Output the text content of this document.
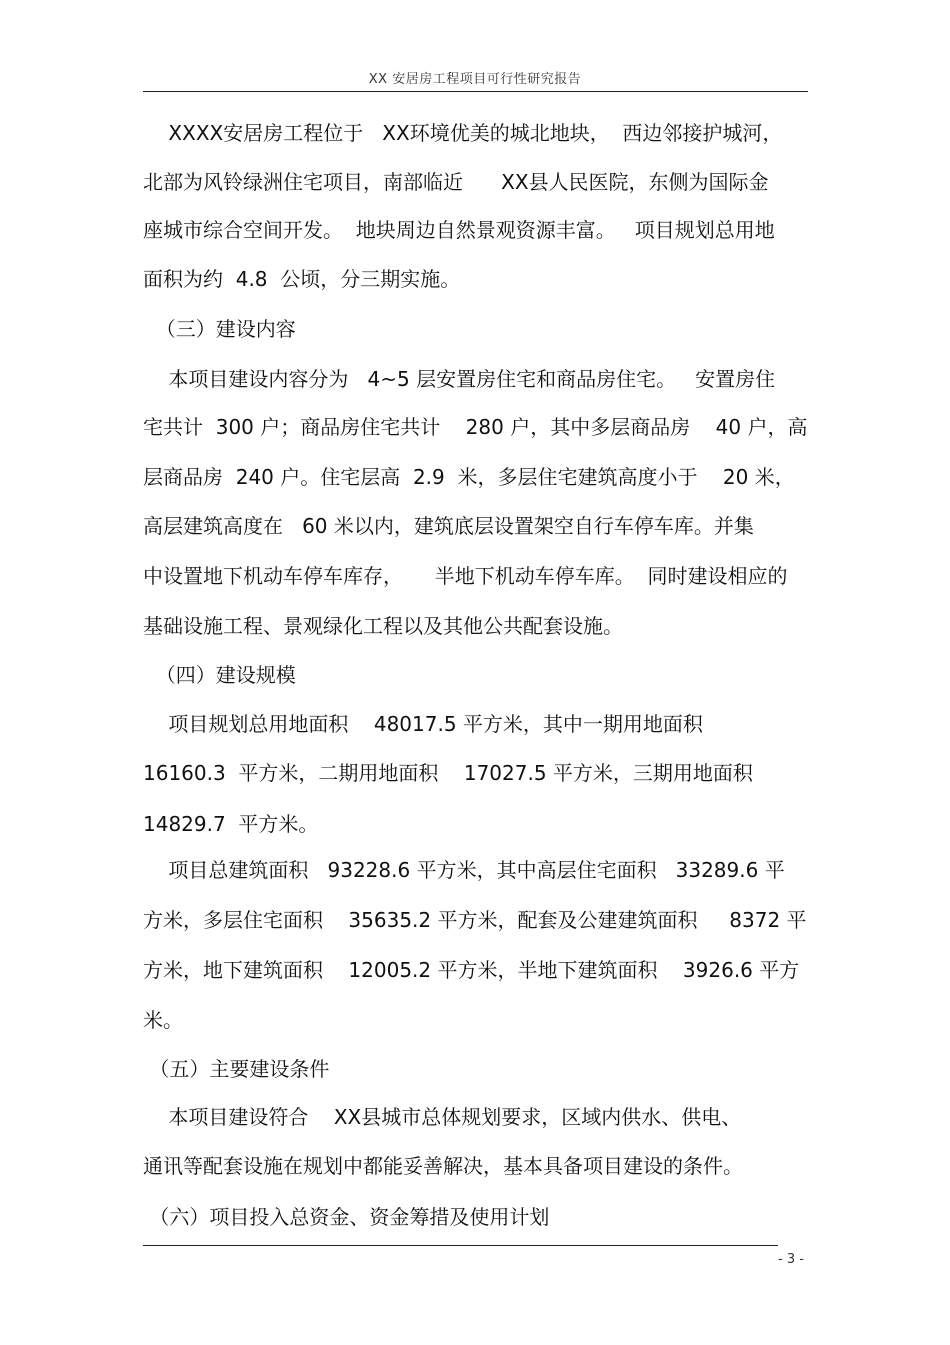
XX 安居房工程项目可行性研究报告
XXXX安居房工程位于   XX环境优美的城北地块，  西边邻接护城河，
北部为风铃绿洲住宅项目，南部临近      XX县人民医院，东侧为国际金
座城市综合空间开发。  地块周边自然景观资源丰富。   项目规划总用地
面积为约  4.8  公顷，分三期实施。
（三）建设内容
本项目建设内容分为   4~5 层安置房住宅和商品房住宅。   安置房住
宅共计  300 户；商品房住宅共计    280 户，其中多层商品房    40 户，高
层商品房  240 户。住宅层高  2.9  米，多层住宅建筑高度小于    20 米，
高层建筑高度在   60 米以内，建筑底层设置架空自行车停车库。并集
中设置地下机动车停车库存，     半地下机动车停车库。  同时建设相应的
基础设施工程、景观绿化工程以及其他公共配套设施。
（四）建设规模
项目规划总用地面积    48017.5 平方米，其中一期用地面积
16160.3  平方米，二期用地面积    17027.5 平方米，三期用地面积
14829.7  平方米。
项目总建筑面积   93228.6 平方米，其中高层住宅面积   33289.6 平
方米，多层住宅面积    35635.2 平方米，配套及公建建筑面积     8372 平
方米，地下建筑面积    12005.2 平方米，半地下建筑面积    3926.6 平方
米。
（五）主要建设条件
本项目建设符合    XX县城市总体规划要求，区域内供水、供电、
通讯等配套设施在规划中都能妥善解决，基本具备项目建设的条件。
（六）项目投入总资金、资金筹措及使用计划
- 3 -
